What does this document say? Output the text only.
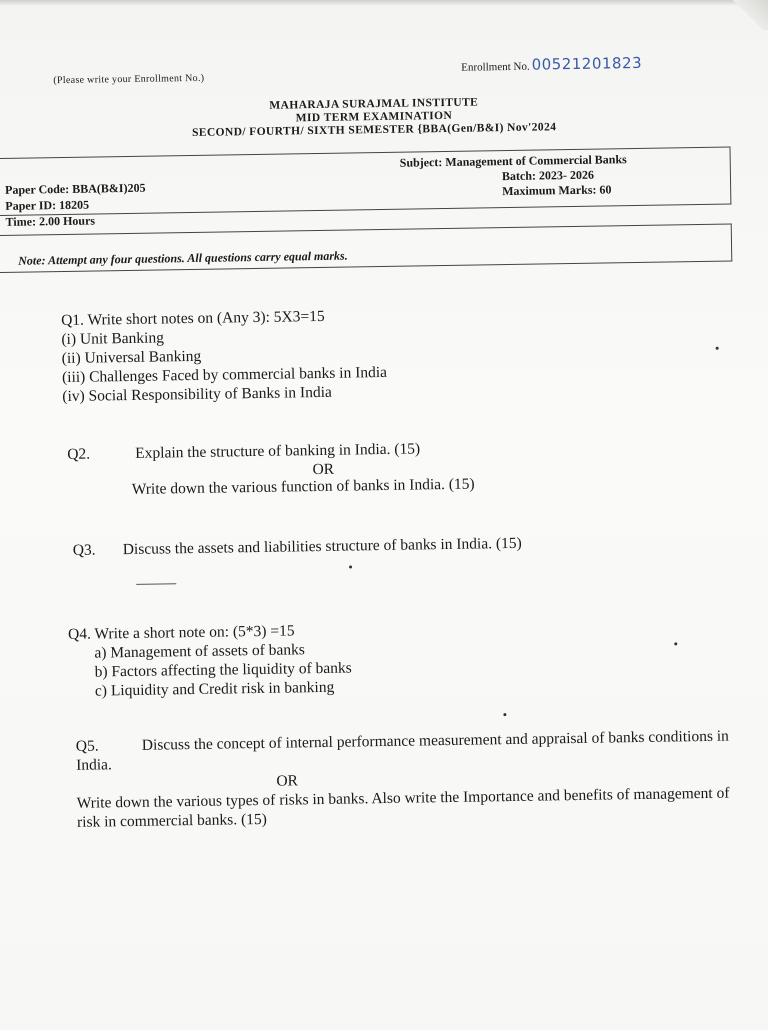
(Please write your Enrollment No.)
Enrollment No. 00521201823
MAHARAJA SURAJMAL INSTITUTE
MID TERM EXAMINATION
SECOND/ FOURTH/ SIXTH SEMESTER {BBA(Gen/B&I) Nov'2024
Paper Code: BBA(B&I)205
Paper ID: 18205
Time: 2.00 Hours
Subject: Management of Commercial Banks
Batch: 2023- 2026
Maximum Marks: 60
Note: Attempt any four questions. All questions carry equal marks.
Q1. Write short notes on (Any 3): 5X3=15
(i) Unit Banking
(ii) Universal Banking
(iii) Challenges Faced by commercial banks in India
(iv) Social Responsibility of Banks in India
Q2.	Explain the structure of banking in India. (15)
OR
Write down the various function of banks in India. (15)
Q3. Discuss the assets and liabilities structure of banks in India. (15)
Q4. Write a short note on: (5*3) =15
a) Management of assets of banks
b) Factors affecting the liquidity of banks
c) Liquidity and Credit risk in banking
Q5.	Discuss the concept of internal performance measurement and appraisal of banks conditions in India.
OR
Write down the various types of risks in banks. Also write the Importance and benefits of management of risk in commercial banks. (15)
